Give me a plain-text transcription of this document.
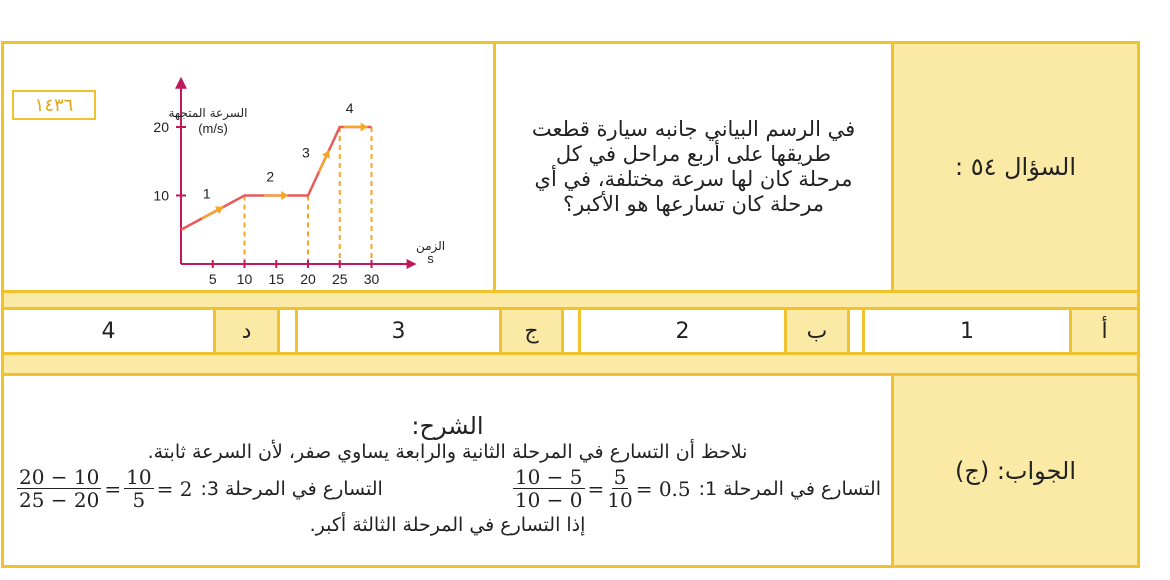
١٤٣٦
5 10 15 20 25 30
10
20
1
2
3
4
السرعة المتجهة
(m/s)
الزمن
s
في الرسم البياني جانبه سيارة قطعت طريقها على أربع مراحل في كل مرحلة كان لها سرعة مختلفة، في أي مرحلة كان تسارعها هو الأكبر؟
السؤال ٥٤ :
4	د	3	ج	2	ب	1	أ
الشرح:
نلاحظ أن التسارع في المرحلة الثانية والرابعة يساوي صفر، لأن السرعة ثابتة.
التسارع في المرحلة 1:
$\frac{10 - 5}{10 - 0} = \frac{5}{10} = 0.5$
التسارع في المرحلة 3:
$\frac{20 - 10}{25 - 20} = \frac{10}{5} = 2$
إذا التسارع في المرحلة الثالثة أكبر.
الجواب: (ج)
